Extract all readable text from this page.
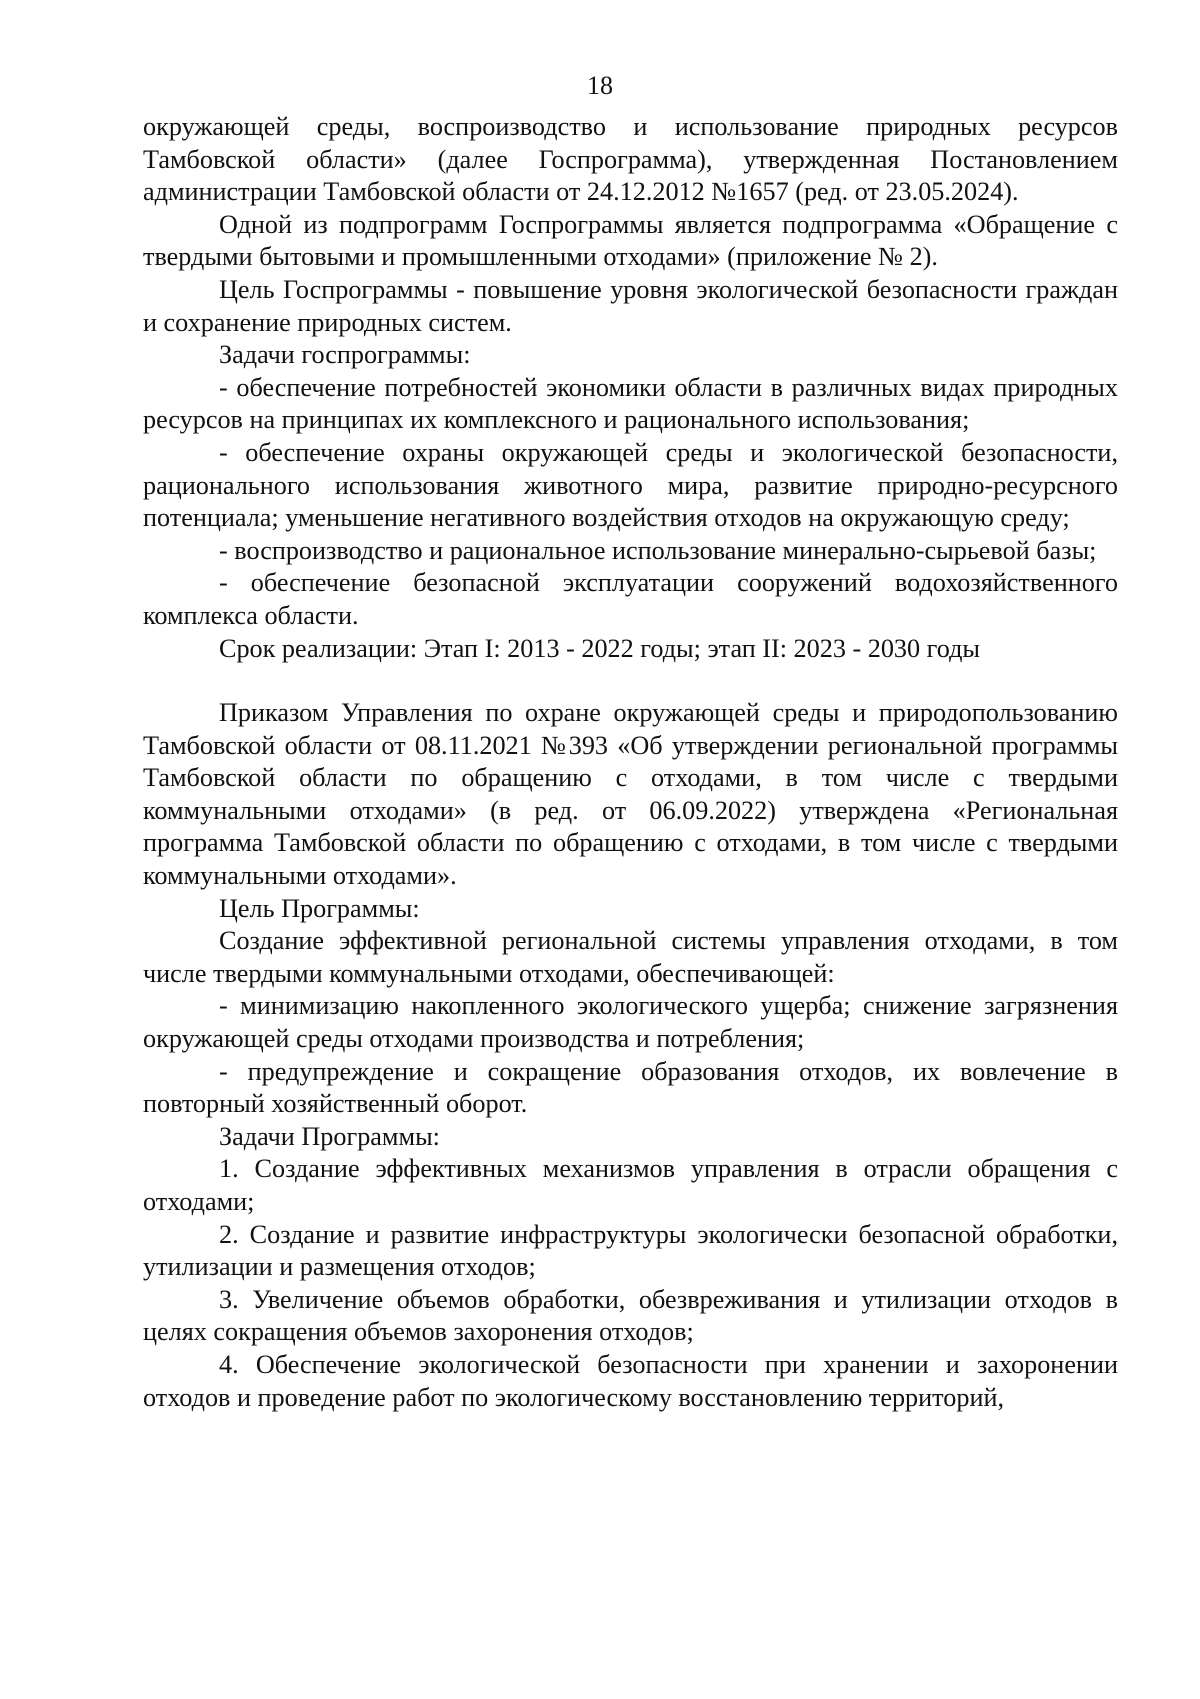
18

окружающей среды, воспроизводство и использование природных ресурсов Тамбовской области» (далее Госпрограмма), утвержденная Постановлением администрации Тамбовской области от 24.12.2012 №1657 (ред. от 23.05.2024).

Одной из подпрограмм Госпрограммы является подпрограмма «Обращение с твердыми бытовыми и промышленными отходами» (приложение № 2).

Цель Госпрограммы - повышение уровня экологической безопасности граждан и сохранение природных систем.

Задачи госпрограммы:

- обеспечение потребностей экономики области в различных видах природных ресурсов на принципах их комплексного и рационального использования;

- обеспечение охраны окружающей среды и экологической безопасности, рационального использования животного мира, развитие природно-ресурсного потенциала; уменьшение негативного воздействия отходов на окружающую среду;

- воспроизводство и рациональное использование минерально-сырьевой базы;

- обеспечение безопасной эксплуатации сооружений водохозяйственного комплекса области.

Срок реализации: Этап I: 2013 - 2022 годы; этап II: 2023 - 2030 годы

Приказом Управления по охране окружающей среды и природопользованию Тамбовской области от 08.11.2021 №393 «Об утверждении региональной программы Тамбовской области по обращению с отходами, в том числе с твердыми коммунальными отходами» (в ред. от 06.09.2022) утверждена «Региональная программа Тамбовской области по обращению с отходами, в том числе с твердыми коммунальными отходами».

Цель Программы:

Создание эффективной региональной системы управления отходами, в том числе твердыми коммунальными отходами, обеспечивающей:

- минимизацию накопленного экологического ущерба; снижение загрязнения окружающей среды отходами производства и потребления;

- предупреждение и сокращение образования отходов, их вовлечение в повторный хозяйственный оборот.

Задачи Программы:

1. Создание эффективных механизмов управления в отрасли обращения с отходами;

2. Создание и развитие инфраструктуры экологически безопасной обработки, утилизации и размещения отходов;

3. Увеличение объемов обработки, обезвреживания и утилизации отходов в целях сокращения объемов захоронения отходов;

4. Обеспечение экологической безопасности при хранении и захоронении отходов и проведение работ по экологическому восстановлению территорий,
